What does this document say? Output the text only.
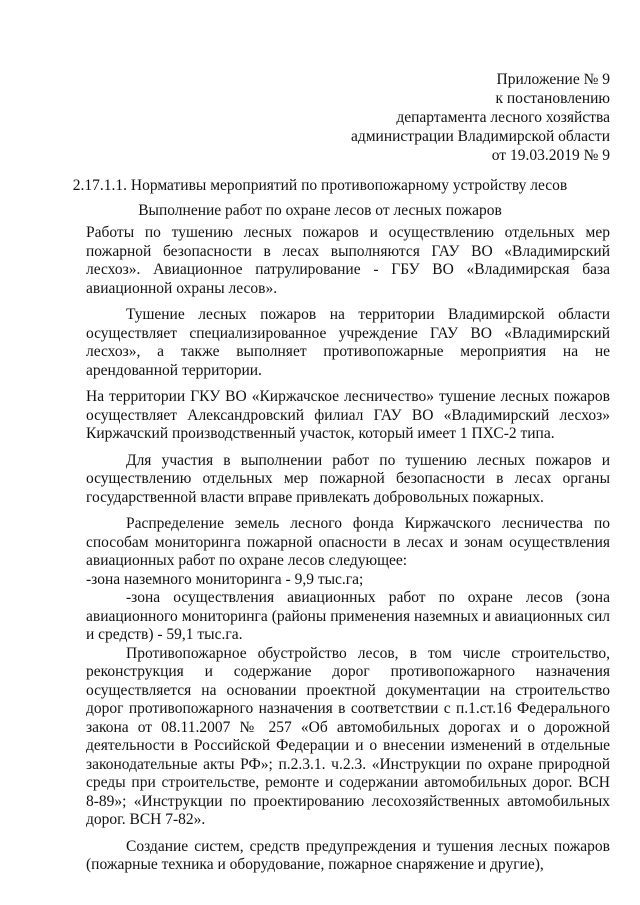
Приложение № 9
к постановлению
департамента лесного хозяйства
администрации Владимирской области
от 19.03.2019 № 9
2.17.1.1. Нормативы мероприятий по противопожарному устройству лесов
Выполнение работ по охране лесов от лесных пожаров

Работы по тушению лесных пожаров и осуществлению отдельных мер пожарной безопасности в лесах выполняются ГАУ ВО «Владимирский лесхоз». Авиационное патрулирование - ГБУ ВО «Владимирская база авиационной охраны лесов».

Тушение лесных пожаров на территории Владимирской области осуществляет специализированное учреждение ГАУ ВО «Владимирский лесхоз», а также выполняет противопожарные мероприятия на не арендованной территории.

На территории ГКУ ВО «Киржачское лесничество» тушение лесных пожаров осуществляет Александровский филиал ГАУ ВО «Владимирский лесхоз» Киржачский производственный участок, который имеет 1 ПХС-2 типа.

Для участия в выполнении работ по тушению лесных пожаров и осуществлению отдельных мер пожарной безопасности в лесах органы государственной власти вправе привлекать добровольных пожарных.

Распределение земель лесного фонда Киржачского лесничества по способам мониторинга пожарной опасности в лесах и зонам осуществления авиационных работ по охране лесов следующее:

-зона наземного мониторинга - 9,9 тыс.га;

-зона осуществления авиационных работ по охране лесов (зона авиационного мониторинга (районы применения наземных и авиационных сил и средств) - 59,1 тыс.га.

Противопожарное обустройство лесов, в том числе строительство, реконструкция и содержание дорог противопожарного назначения осуществляется на основании проектной документации на строительство дорог противопожарного назначения в соответствии с п.1.ст.16 Федерального закона от 08.11.2007 № 257 «Об автомобильных дорогах и о дорожной деятельности в Российской Федерации и о внесении изменений в отдельные законодательные акты РФ»; п.2.3.1. ч.2.3. «Инструкции по охране природной среды при строительстве, ремонте и содержании автомобильных дорог. ВСН 8-89»; «Инструкции по проектированию лесохозяйственных автомобильных дорог. ВСН 7-82».

Создание систем, средств предупреждения и тушения лесных пожаров (пожарные техника и оборудование, пожарное снаряжение и другие),
